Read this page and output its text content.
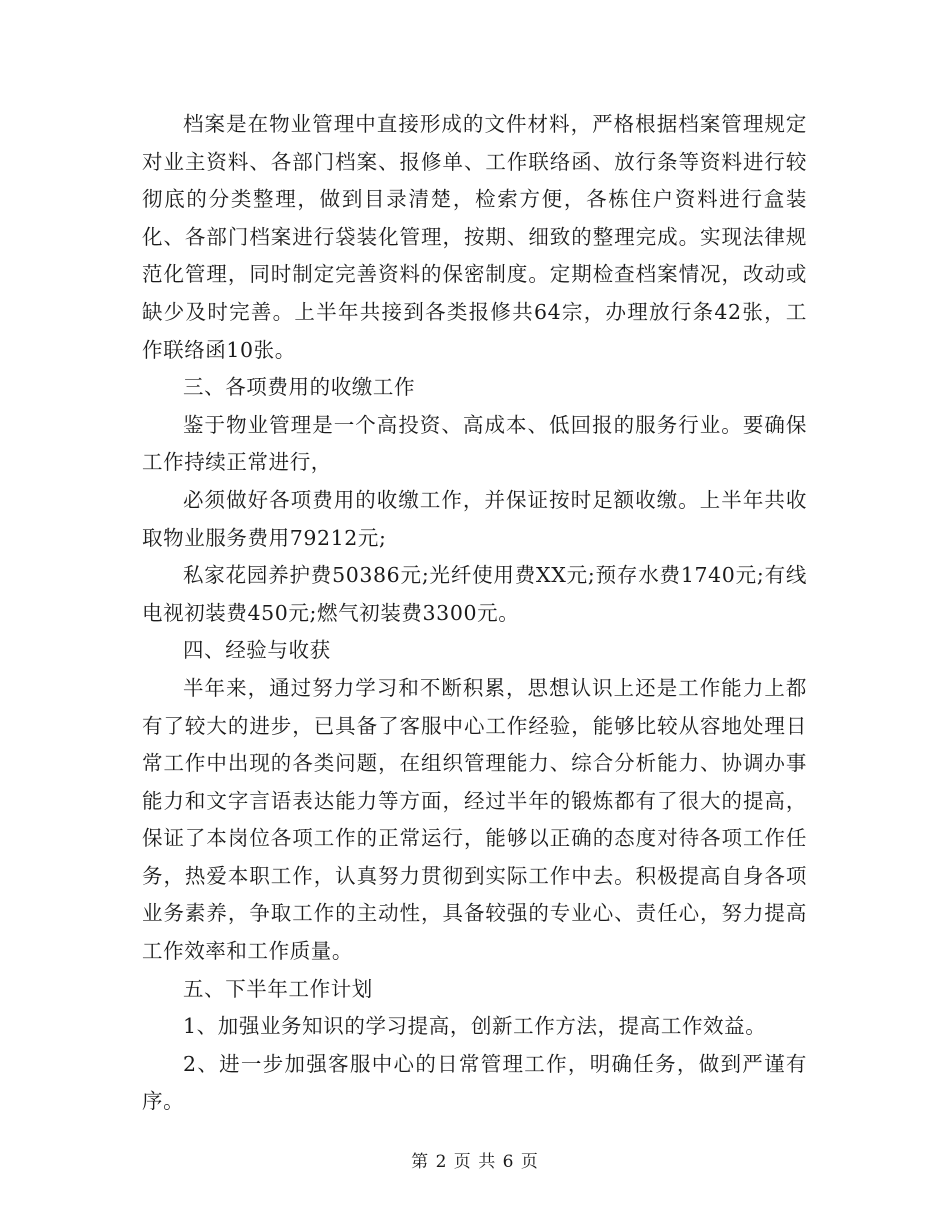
档案是在物业管理中直接形成的文件材料，严格根据档案管理规定对业主资料、各部门档案、报修单、工作联络函、放行条等资料进行较彻底的分类整理，做到目录清楚，检索方便，各栋住户资料进行盒装化、各部门档案进行袋装化管理，按期、细致的整理完成。实现法律规范化管理，同时制定完善资料的保密制度。定期检查档案情况，改动或缺少及时完善。上半年共接到各类报修共64宗，办理放行条42张，工作联络函10张。

三、各项费用的收缴工作

鉴于物业管理是一个高投资、高成本、低回报的服务行业。要确保工作持续正常进行，

必须做好各项费用的收缴工作，并保证按时足额收缴。上半年共收取物业服务费用79212元;

私家花园养护费50386元;光纤使用费XX元;预存水费1740元;有线电视初装费450元;燃气初装费3300元。

四、经验与收获

半年来，通过努力学习和不断积累，思想认识上还是工作能力上都有了较大的进步，已具备了客服中心工作经验，能够比较从容地处理日常工作中出现的各类问题，在组织管理能力、综合分析能力、协调办事能力和文字言语表达能力等方面，经过半年的锻炼都有了很大的提高，保证了本岗位各项工作的正常运行，能够以正确的态度对待各项工作任务，热爱本职工作，认真努力贯彻到实际工作中去。积极提高自身各项业务素养，争取工作的主动性，具备较强的专业心、责任心，努力提高工作效率和工作质量。

五、下半年工作计划

1、加强业务知识的学习提高，创新工作方法，提高工作效益。

2、进一步加强客服中心的日常管理工作，明确任务，做到严谨有序。

第 2 页 共 6 页
